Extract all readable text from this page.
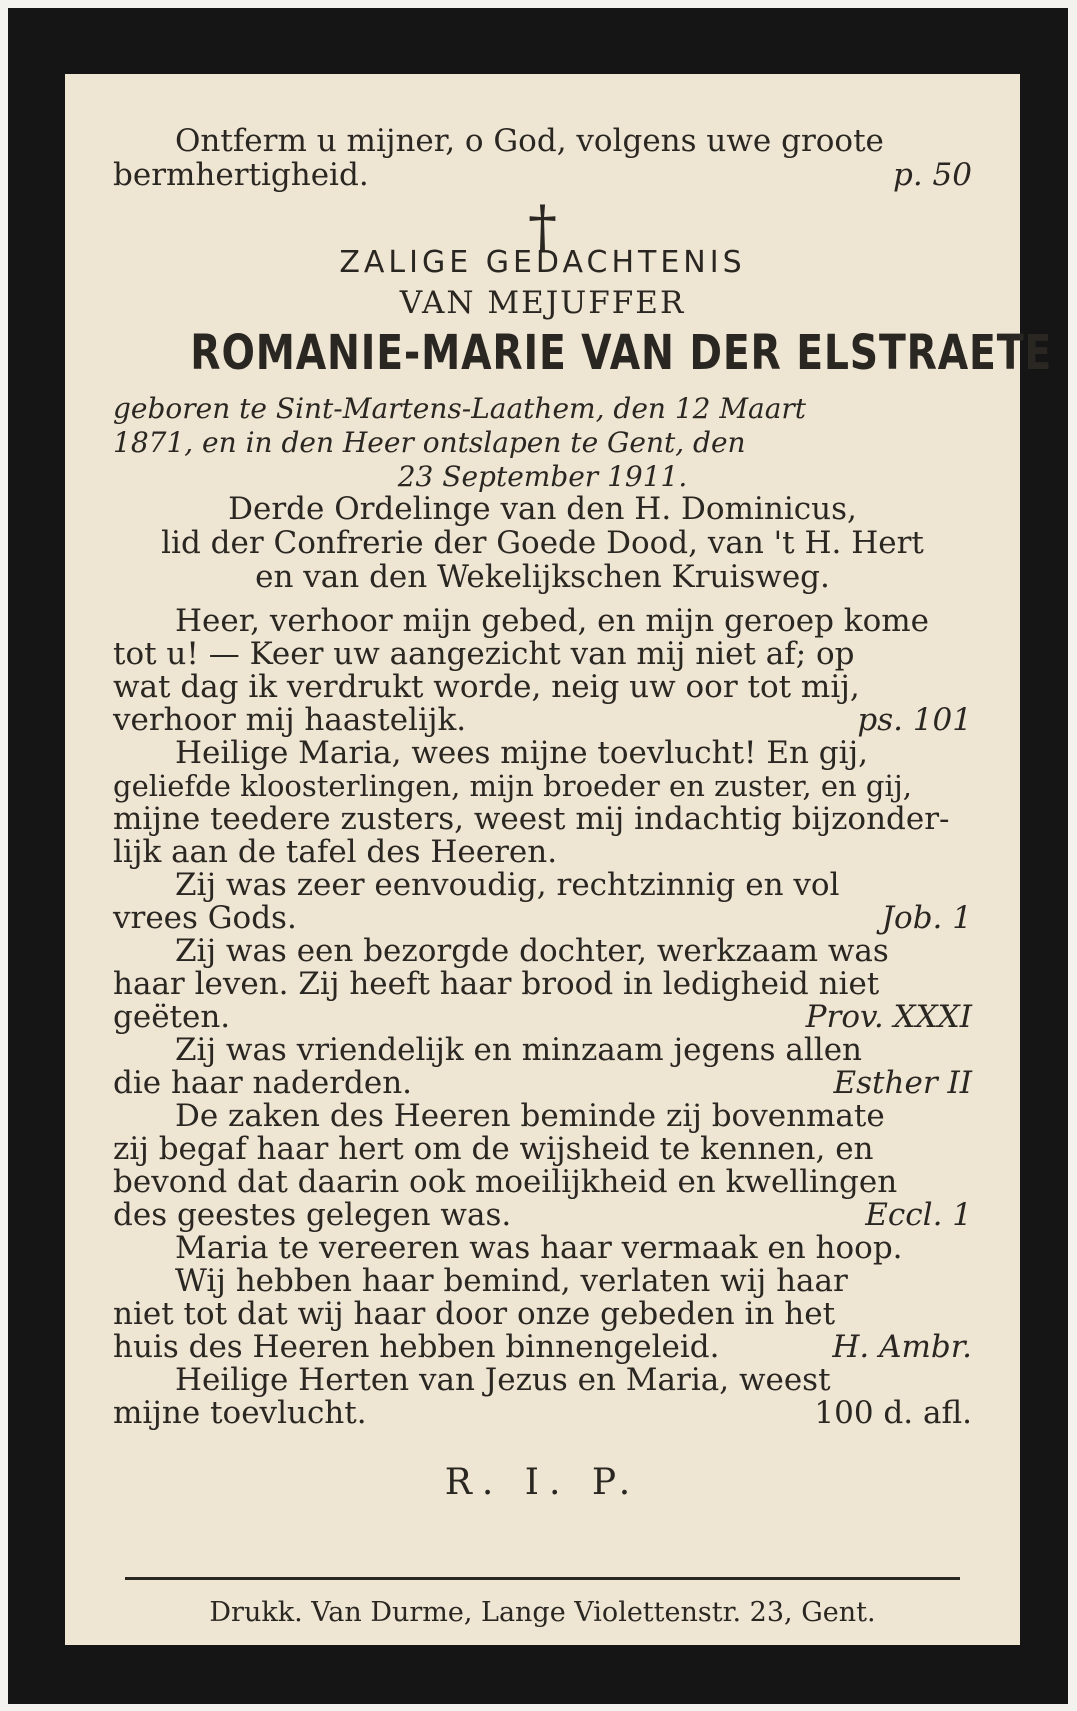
Ontferm u mijner, o God, volgens uwe groote
bermhertigheid.	p. 50
†
ZALIGE GEDACHTENIS
VAN MEJUFFER
ROMANIE-MARIE VAN DER ELSTRAETE
geboren te Sint-Martens-Laathem, den 12 Maart
1871, en in den Heer ontslapen te Gent, den
23 September 1911.
Derde Ordelinge van den H. Dominicus,
lid der Confrerie der Goede Dood, van 't H. Hert
en van den Wekelijkschen Kruisweg.
Heer, verhoor mijn gebed, en mijn geroep kome
tot u! — Keer uw aangezicht van mij niet af; op
wat dag ik verdrukt worde, neig uw oor tot mij,
verhoor mij haastelijk.	ps. 101
Heilige Maria, wees mijne toevlucht! En gij,
geliefde kloosterlingen, mijn broeder en zuster, en gij,
mijne teedere zusters, weest mij indachtig bijzonder-
lijk aan de tafel des Heeren.
Zij was zeer eenvoudig, rechtzinnig en vol
vrees Gods.	Job. 1
Zij was een bezorgde dochter, werkzaam was
haar leven. Zij heeft haar brood in ledigheid niet
geëten.	Prov. XXXI
Zij was vriendelijk en minzaam jegens allen
die haar naderden.	Esther II
De zaken des Heeren beminde zij bovenmate
zij begaf haar hert om de wijsheid te kennen, en
bevond dat daarin ook moeilijkheid en kwellingen
des geestes gelegen was.	Eccl. 1
Maria te vereeren was haar vermaak en hoop.
Wij hebben haar bemind, verlaten wij haar
niet tot dat wij haar door onze gebeden in het
huis des Heeren hebben binnengeleid.	H. Ambr.
Heilige Herten van Jezus en Maria, weest
mijne toevlucht.	100 d. afl.
R. I. P.
Drukk. Van Durme, Lange Violettenstr. 23, Gent.
